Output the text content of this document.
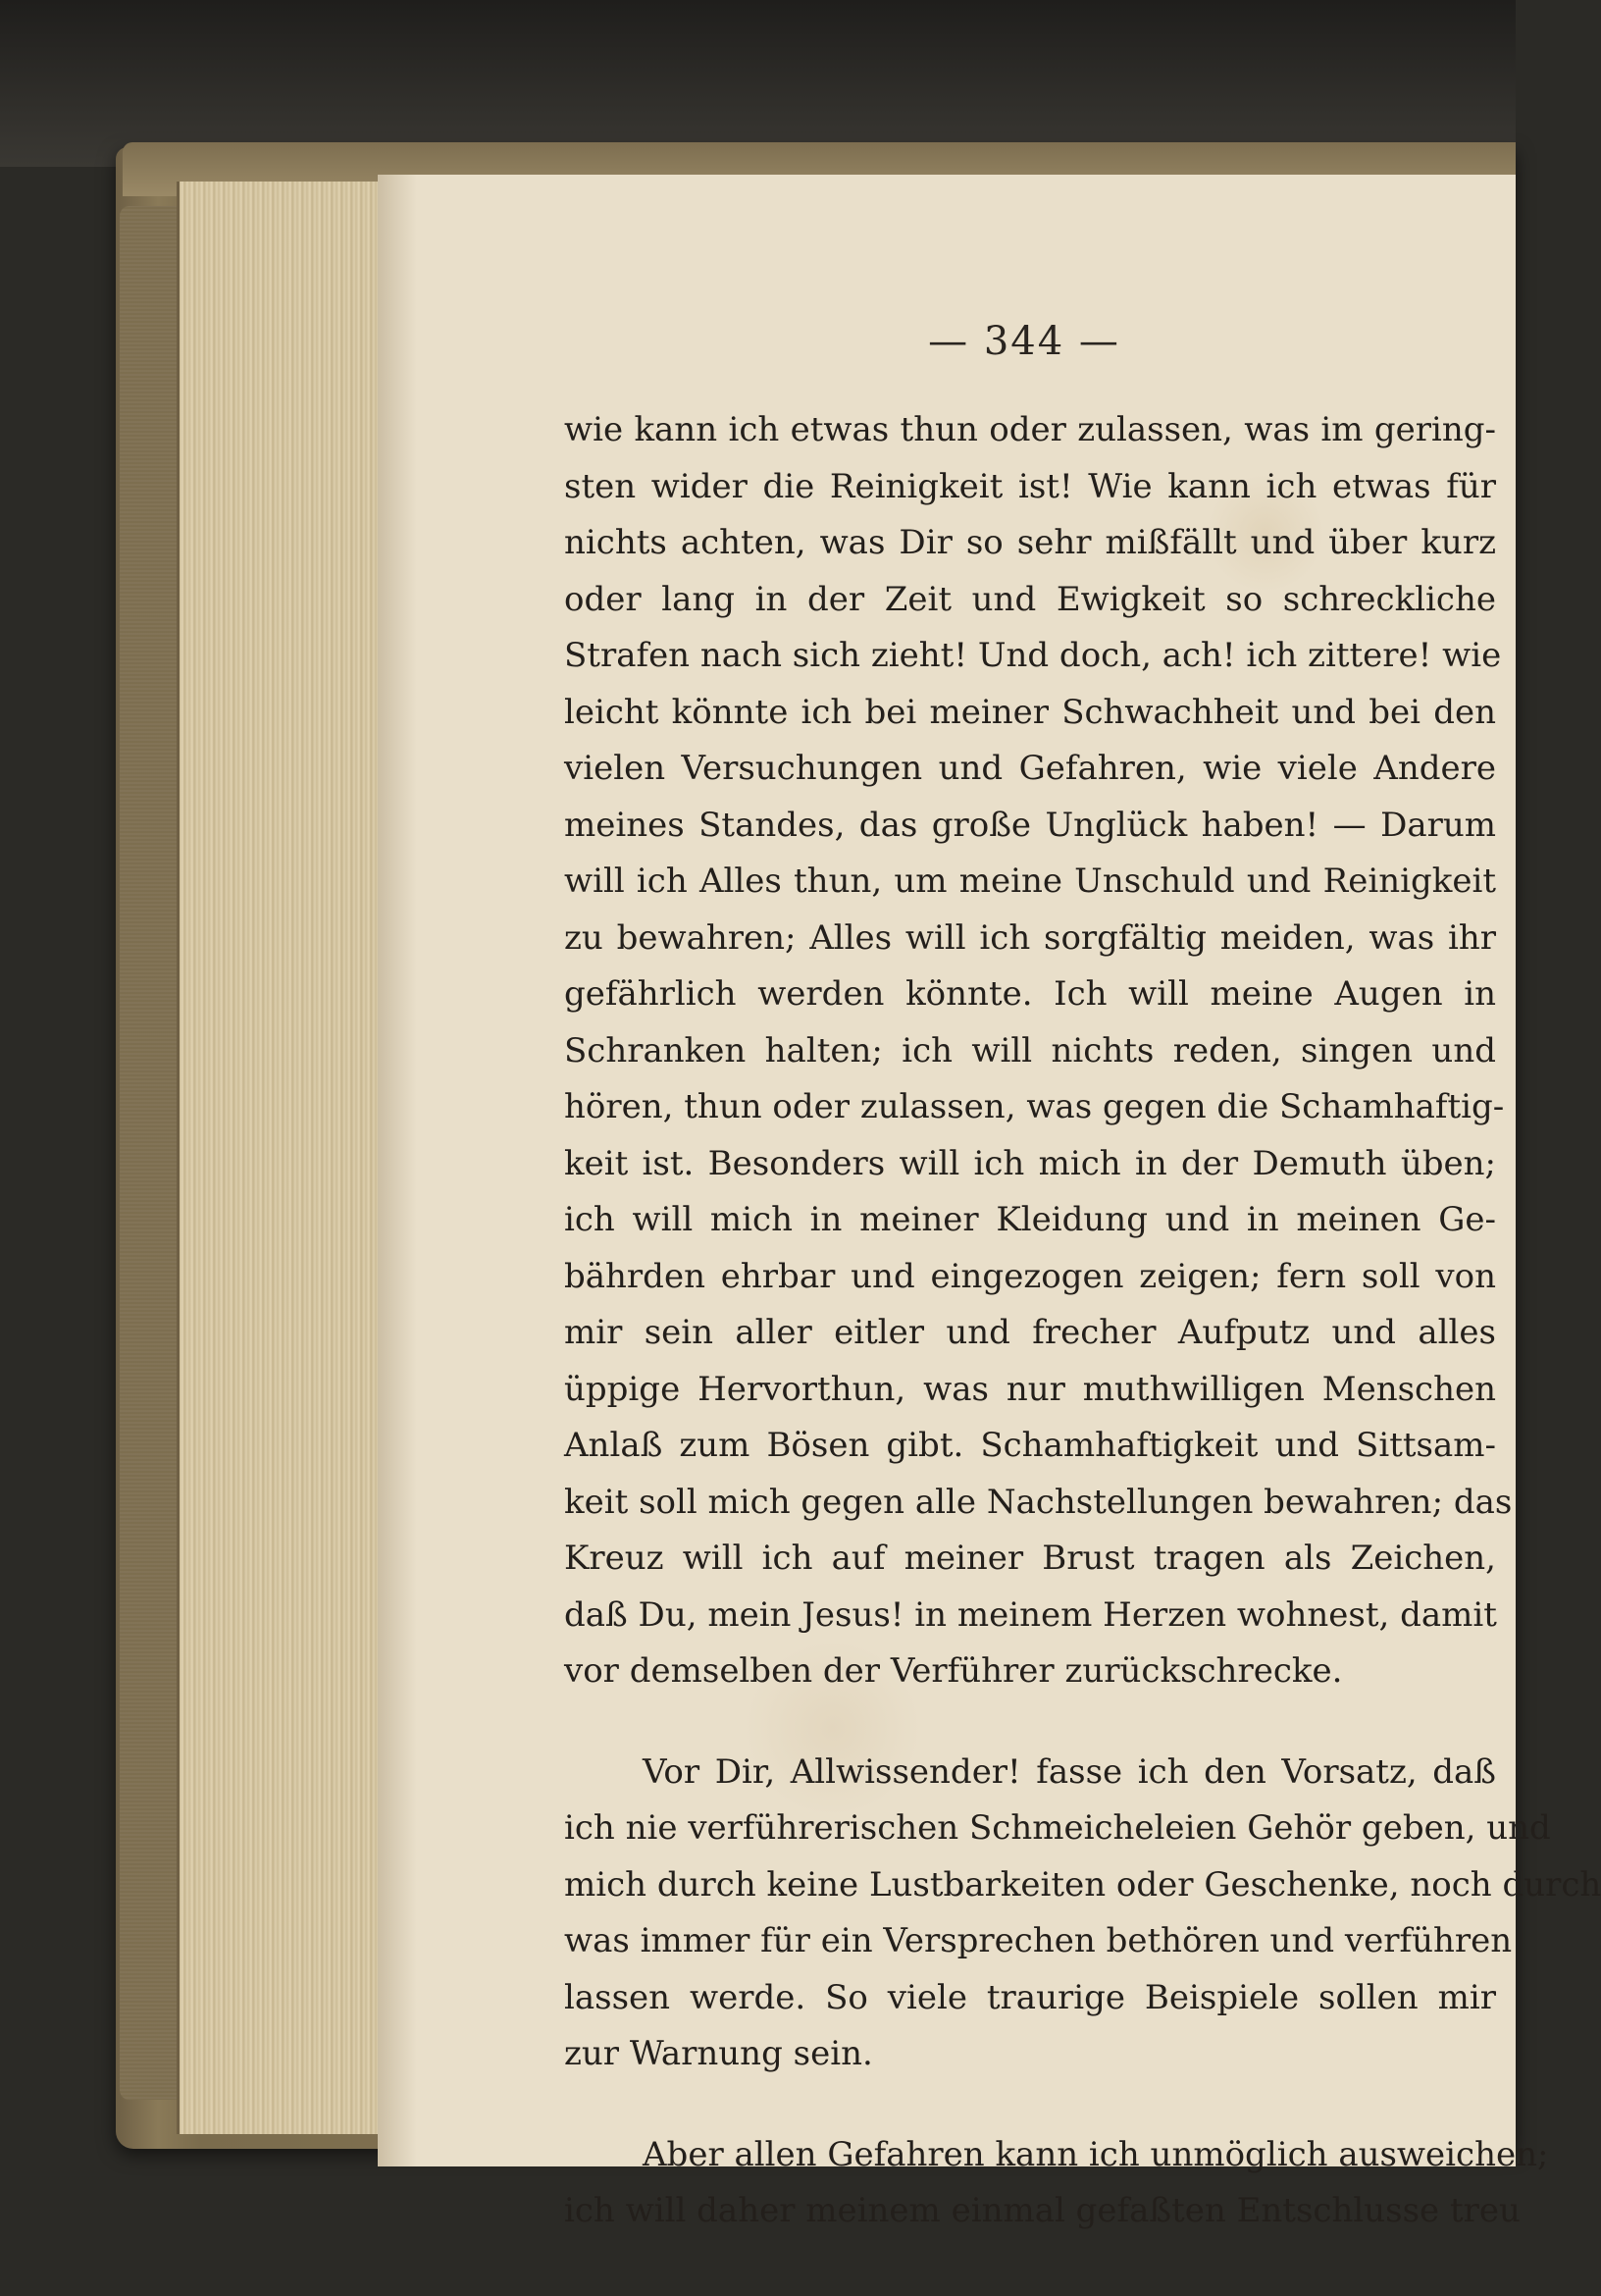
— 344 —
wie kann ich etwas thun oder zulassen, was im gering-
sten wider die Reinigkeit ist! Wie kann ich etwas für
nichts achten, was Dir so sehr mißfällt und über kurz
oder lang in der Zeit und Ewigkeit so schreckliche
Strafen nach sich zieht! Und doch, ach! ich zittere! wie
leicht könnte ich bei meiner Schwachheit und bei den
vielen Versuchungen und Gefahren, wie viele Andere
meines Standes, das große Unglück haben! — Darum
will ich Alles thun, um meine Unschuld und Reinigkeit
zu bewahren; Alles will ich sorgfältig meiden, was ihr
gefährlich werden könnte. Ich will meine Augen in
Schranken halten; ich will nichts reden, singen und
hören, thun oder zulassen, was gegen die Schamhaftig-
keit ist. Besonders will ich mich in der Demuth üben;
ich will mich in meiner Kleidung und in meinen Ge-
bährden ehrbar und eingezogen zeigen; fern soll von
mir sein aller eitler und frecher Aufputz und alles
üppige Hervorthun, was nur muthwilligen Menschen
Anlaß zum Bösen gibt. Schamhaftigkeit und Sittsam-
keit soll mich gegen alle Nachstellungen bewahren; das
Kreuz will ich auf meiner Brust tragen als Zeichen,
daß Du, mein Jesus! in meinem Herzen wohnest, damit
vor demselben der Verführer zurückschrecke.
Vor Dir, Allwissender! fasse ich den Vorsatz, daß
ich nie verführerischen Schmeicheleien Gehör geben, und
mich durch keine Lustbarkeiten oder Geschenke, noch durch
was immer für ein Versprechen bethören und verführen
lassen werde. So viele traurige Beispiele sollen mir
zur Warnung sein.
Aber allen Gefahren kann ich unmöglich ausweichen;
ich will daher meinem einmal gefaßten Entschlusse treu
